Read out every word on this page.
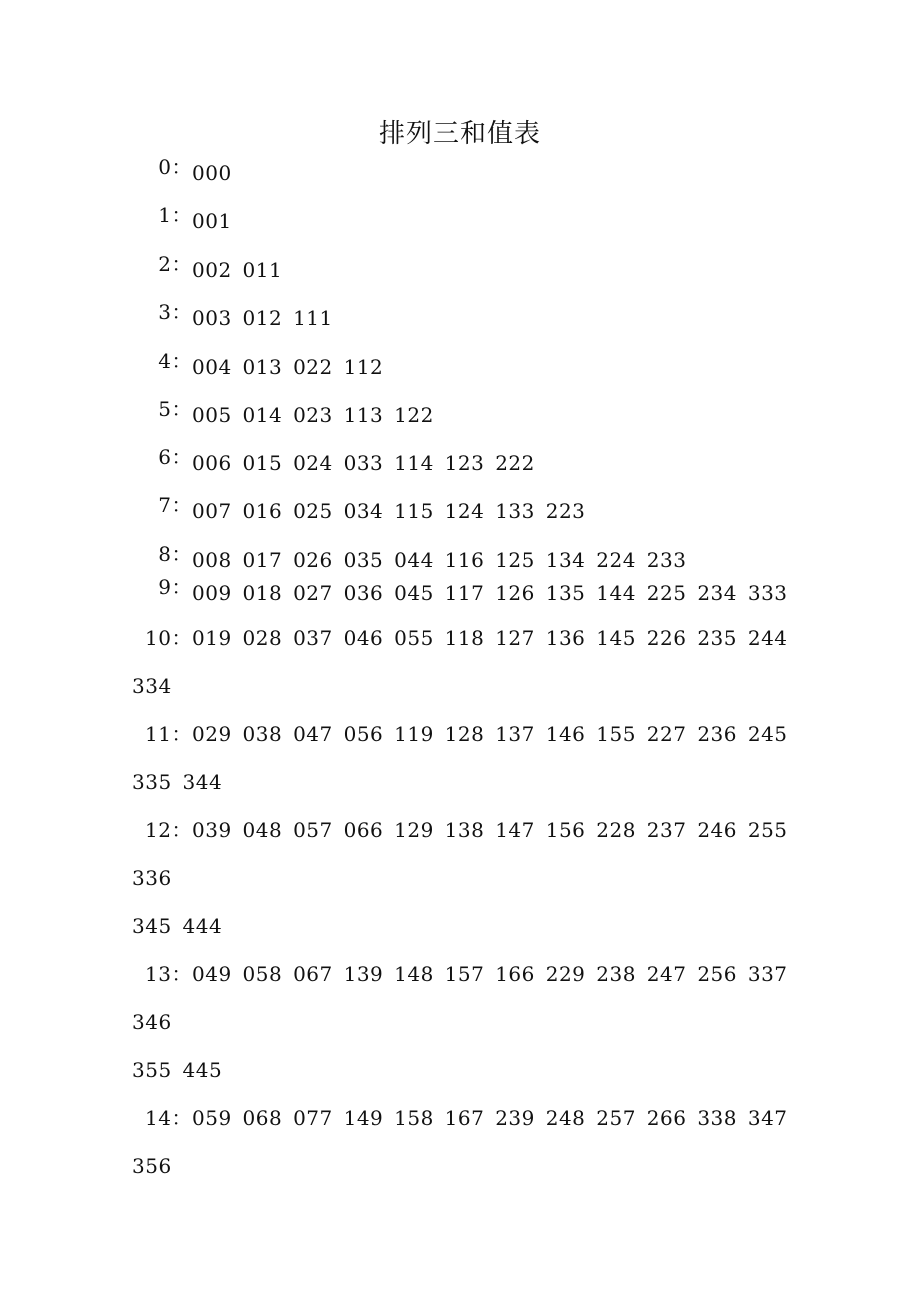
排列三和值表
0：000
1：001
2：002 011
3：003 012 111
4：004 013 022 112
5：005 014 023 113 122
6：006 015 024 033 114 123 222
7：007 016 025 034 115 124 133 223
8：008 017 026 035 044 116 125 134 224 233
9：009 018 027 036 045 117 126 135 144 225 234 333
10：019 028 037 046 055 118 127 136 145 226 235 244
334
11：029 038 047 056 119 128 137 146 155 227 236 245
335 344
12：039 048 057 066 129 138 147 156 228 237 246 255
336
345 444
13：049 058 067 139 148 157 166 229 238 247 256 337
346
355 445
14：059 068 077 149 158 167 239 248 257 266 338 347
356
